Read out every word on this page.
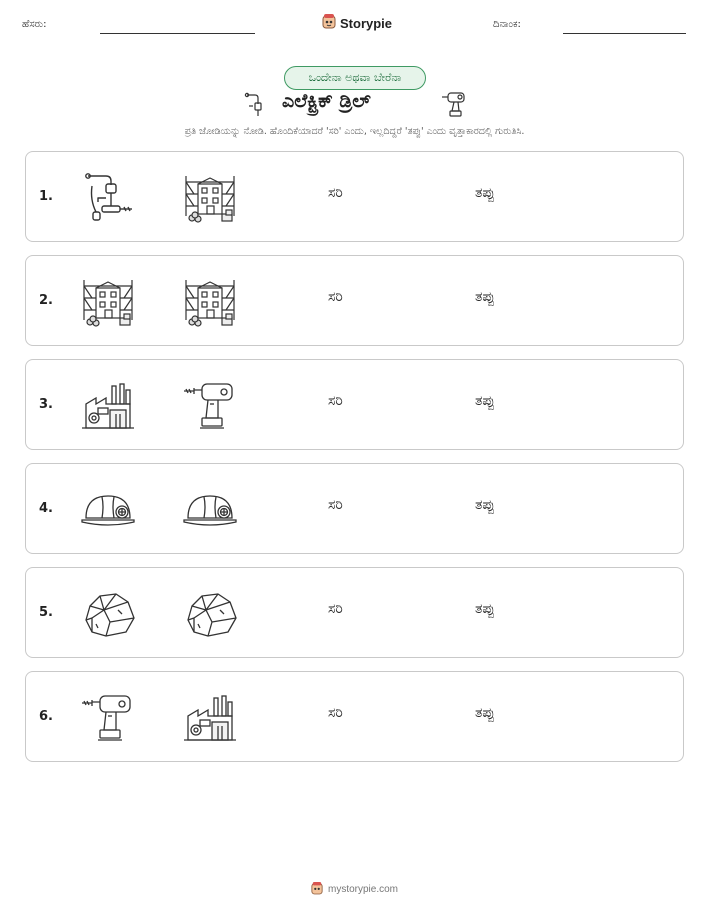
ಹೆಸರು:	Storypie	ದಿನಾಂಕ:
ಒಂದೇನಾ ಅಥವಾ ಬೇರೆನಾ
ಎಲೆಕ್ಟ್ರಿಕ್ ಡ್ರಿಲ್
ಪ್ರತಿ ಜೋಡಿಯನ್ನು ನೋಡಿ. ಹೊಂದಿಕೆಯಾದರೆ 'ಸರಿ' ಎಂದು, ಇಲ್ಲದಿದ್ದರೆ 'ತಪ್ಪು' ಎಂದು ವೃತ್ತಾಕಾರದಲ್ಲಿ ಗುರುತಿಸಿ.
1.	ಸರಿ	ತಪ್ಪು
2.	ಸರಿ	ತಪ್ಪು
3.	ಸರಿ	ತಪ್ಪು
4.	ಸರಿ	ತಪ್ಪು
5.	ಸರಿ	ತಪ್ಪು
6.	ಸರಿ	ತಪ್ಪು
mystorypie.com
